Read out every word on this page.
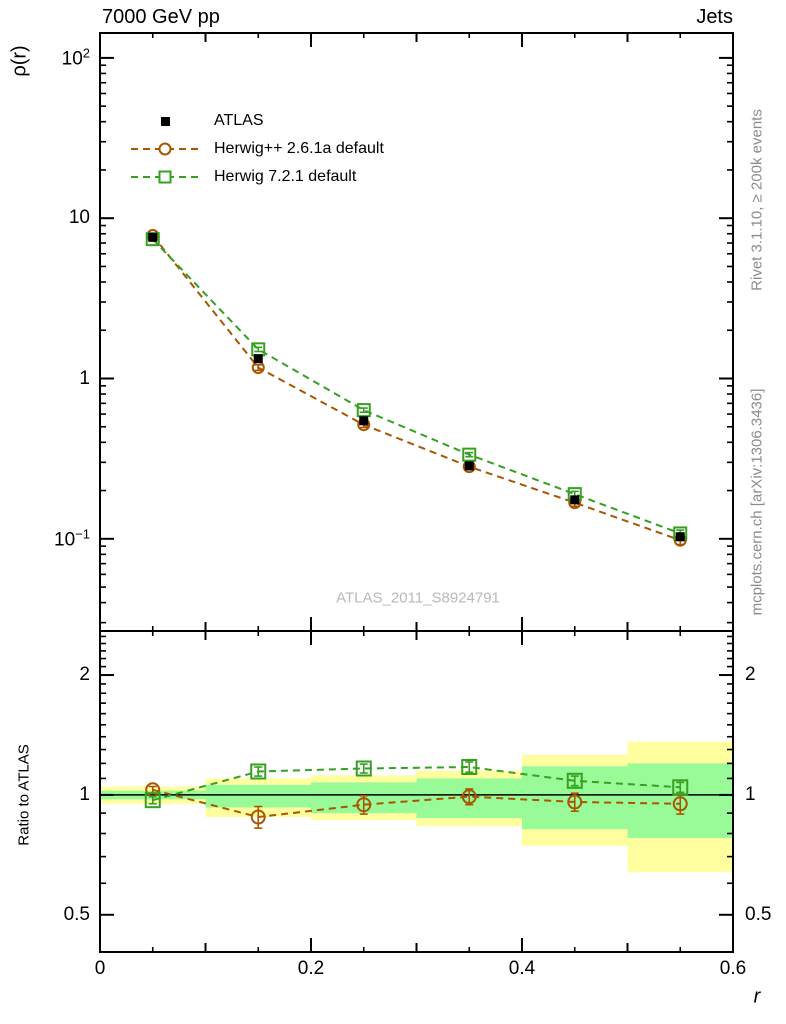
7000 GeV pp	Jets
ρ(r)
Ratio to ATLAS
Rivet 3.1.10, ≥ 200k events
mcplots.cern.ch [arXiv:1306.3436]
ATLAS_2011_S8924791
r
ATLAS
Herwig++ 2.6.1a default
Herwig 7.2.1 default
$10^2$
10
1
$10^{-1}$
2	2
1	1
0.5	0.5
0	0.2	0.4	0.6
